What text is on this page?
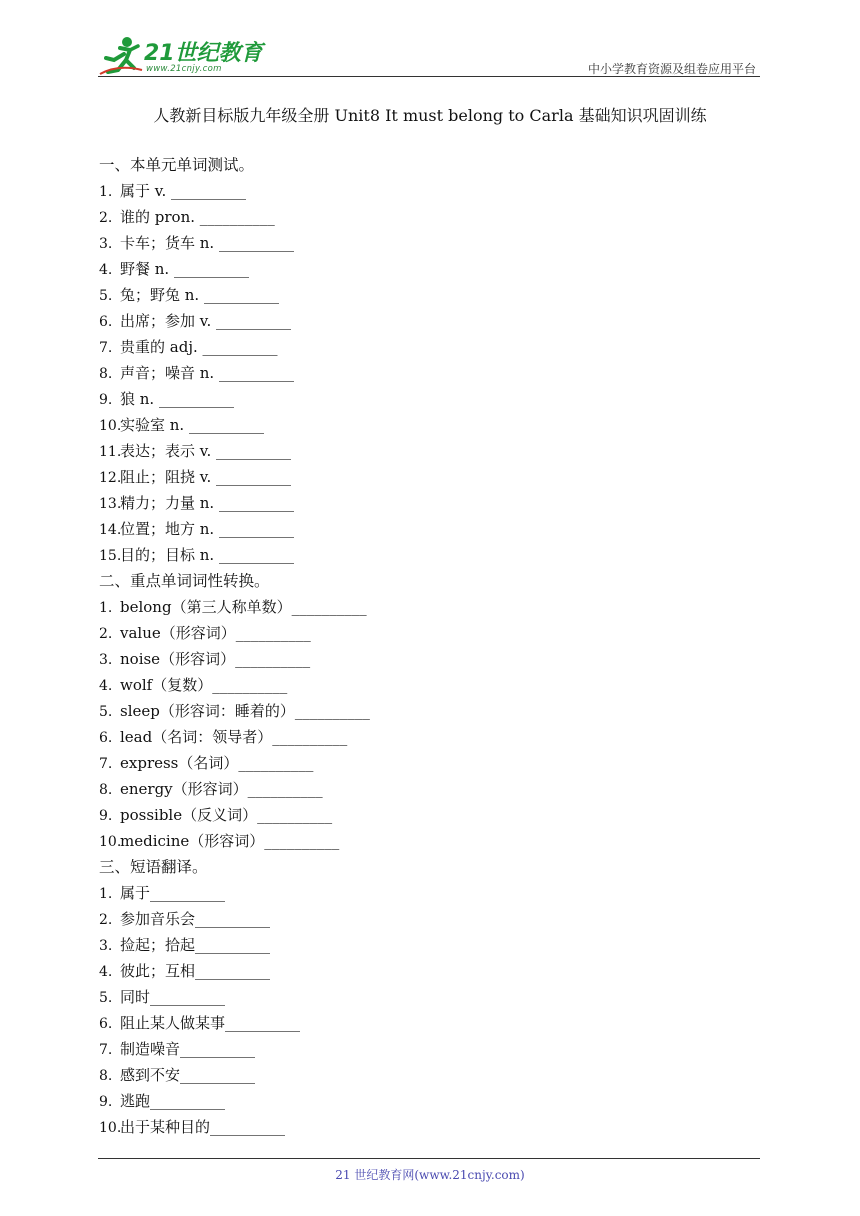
21世纪教育
www.21cnjy.com	中小学教育资源及组卷应用平台
人教新目标版九年级全册 Unit8 It must belong to Carla 基础知识巩固训练
一、本单元单词测试。
1. 属于 v. __________
2. 谁的 pron. __________
3. 卡车；货车 n. __________
4. 野餐 n. __________
5. 兔；野兔 n. __________
6. 出席；参加 v. __________
7. 贵重的 adj. __________
8. 声音；噪音 n. __________
9. 狼 n. __________
10.实验室 n. __________
11.表达；表示 v. __________
12.阻止；阻挠 v. __________
13.精力；力量 n. __________
14.位置；地方 n. __________
15.目的；目标 n. __________
二、重点单词词性转换。
1. belong（第三人称单数）__________
2. value（形容词）__________
3. noise（形容词）__________
4. wolf（复数）__________
5. sleep（形容词：睡着的）__________
6. lead（名词：领导者）__________
7. express（名词）__________
8. energy（形容词）__________
9. possible（反义词）__________
10.medicine（形容词）__________
三、短语翻译。
1. 属于__________
2. 参加音乐会__________
3. 捡起；拾起__________
4. 彼此；互相__________
5. 同时__________
6. 阻止某人做某事__________
7. 制造噪音__________
8. 感到不安__________
9. 逃跑__________
10.出于某种目的__________
21 世纪教育网(www.21cnjy.com)
